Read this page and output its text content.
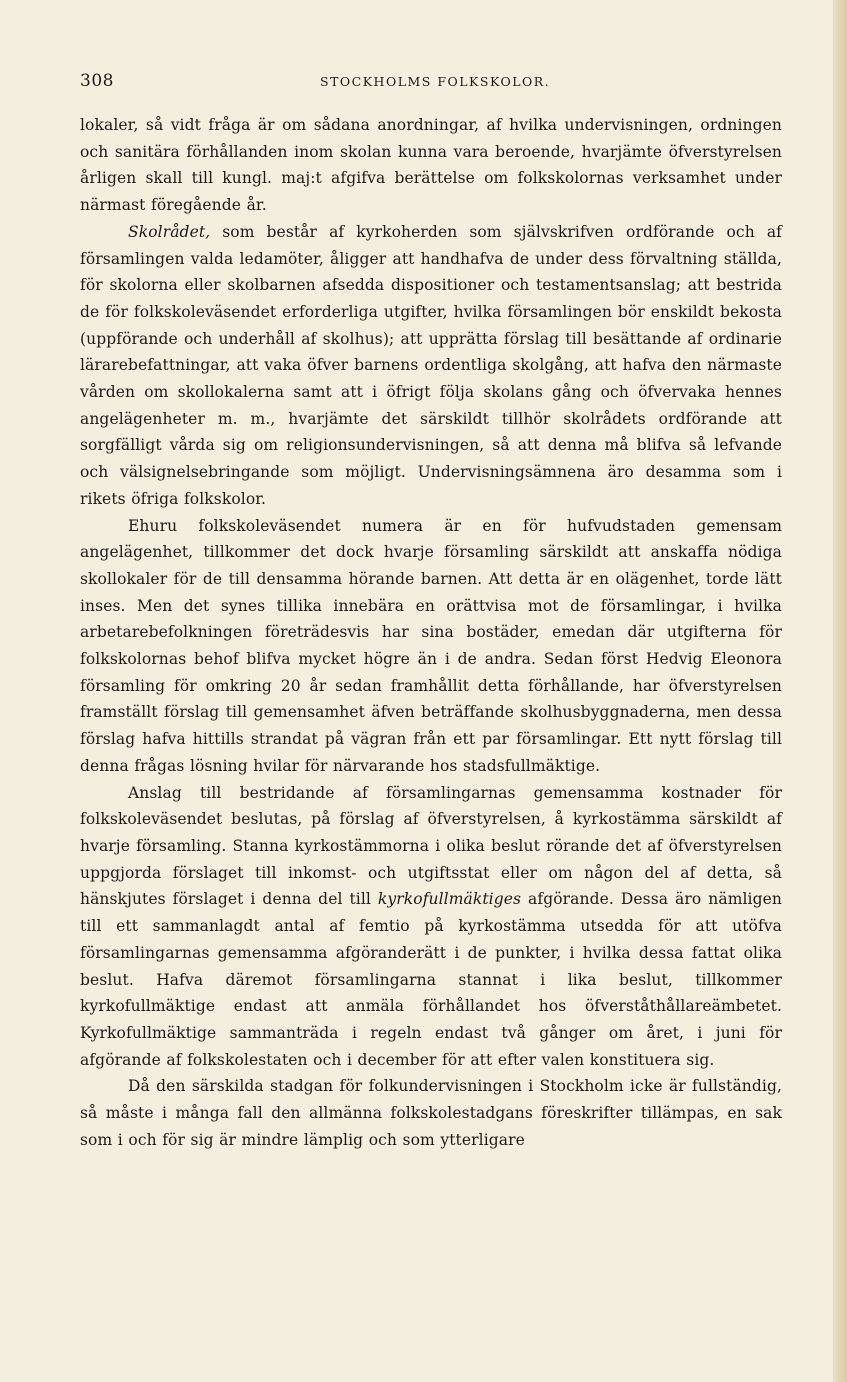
308	STOCKHOLMS FOLKSKOLOR.

lokaler, så vidt fråga är om sådana anordningar, af hvilka undervisningen, ordningen och sanitära förhållanden inom skolan kunna vara beroende, hvarjämte öfverstyrelsen årligen skall till kungl. maj:t afgifva berättelse om folkskolornas verksamhet under närmast föregående år.

Skolrådet, som består af kyrkoherden som självskrifven ordförande och af församlingen valda ledamöter, åligger att handhafva de under dess förvaltning ställda, för skolorna eller skolbarnen afsedda dispositioner och testamentsanslag; att bestrida de för folkskoleväsendet erforderliga utgifter, hvilka församlingen bör enskildt bekosta (uppförande och underhåll af skolhus); att upprätta förslag till besättande af ordinarie lärarebefattningar, att vaka öfver barnens ordentliga skolgång, att hafva den närmaste vården om skollokalerna samt att i öfrigt följa skolans gång och öfvervaka hennes angelägenheter m. m., hvarjämte det särskildt tillhör skolrådets ordförande att sorgfälligt vårda sig om religionsundervisningen, så att denna må blifva så lefvande och välsignelsebringande som möjligt. Undervisningsämnena äro desamma som i rikets öfriga folkskolor.

Ehuru folkskoleväsendet numera är en för hufvudstaden gemensam angelägenhet, tillkommer det dock hvarje församling särskildt att anskaffa nödiga skollokaler för de till densamma hörande barnen. Att detta är en olägenhet, torde lätt inses. Men det synes tillika innebära en orättvisa mot de församlingar, i hvilka arbetarebefolkningen företrädesvis har sina bostäder, emedan där utgifterna för folkskolornas behof blifva mycket högre än i de andra. Sedan först Hedvig Eleonora församling för omkring 20 år sedan framhållit detta förhållande, har öfverstyrelsen framställt förslag till gemensamhet äfven beträffande skolhusbyggnaderna, men dessa förslag hafva hittills strandat på vägran från ett par församlingar. Ett nytt förslag till denna frågas lösning hvilar för närvarande hos stadsfullmäktige.

Anslag till bestridande af församlingarnas gemensamma kostnader för folkskoleväsendet beslutas, på förslag af öfverstyrelsen, å kyrkostämma särskildt af hvarje församling. Stanna kyrkostämmorna i olika beslut rörande det af öfverstyrelsen uppgjorda förslaget till inkomst- och utgiftsstat eller om någon del af detta, så hänskjutes förslaget i denna del till kyrkofullmäktiges afgörande. Dessa äro nämligen till ett sammanlagdt antal af femtio på kyrkostämma utsedda för att utöfva församlingarnas gemensamma afgöranderätt i de punkter, i hvilka dessa fattat olika beslut. Hafva däremot församlingarna stannat i lika beslut, tillkommer kyrkofullmäktige endast att anmäla förhållandet hos öfverståthållareämbetet. Kyrkofullmäktige sammanträda i regeln endast två gånger om året, i juni för afgörande af folkskolestaten och i december för att efter valen konstituera sig.

Då den särskilda stadgan för folkundervisningen i Stockholm icke är fullständig, så måste i många fall den allmänna folkskolestadgans föreskrifter tillämpas, en sak som i och för sig är mindre lämplig och som ytterligare
